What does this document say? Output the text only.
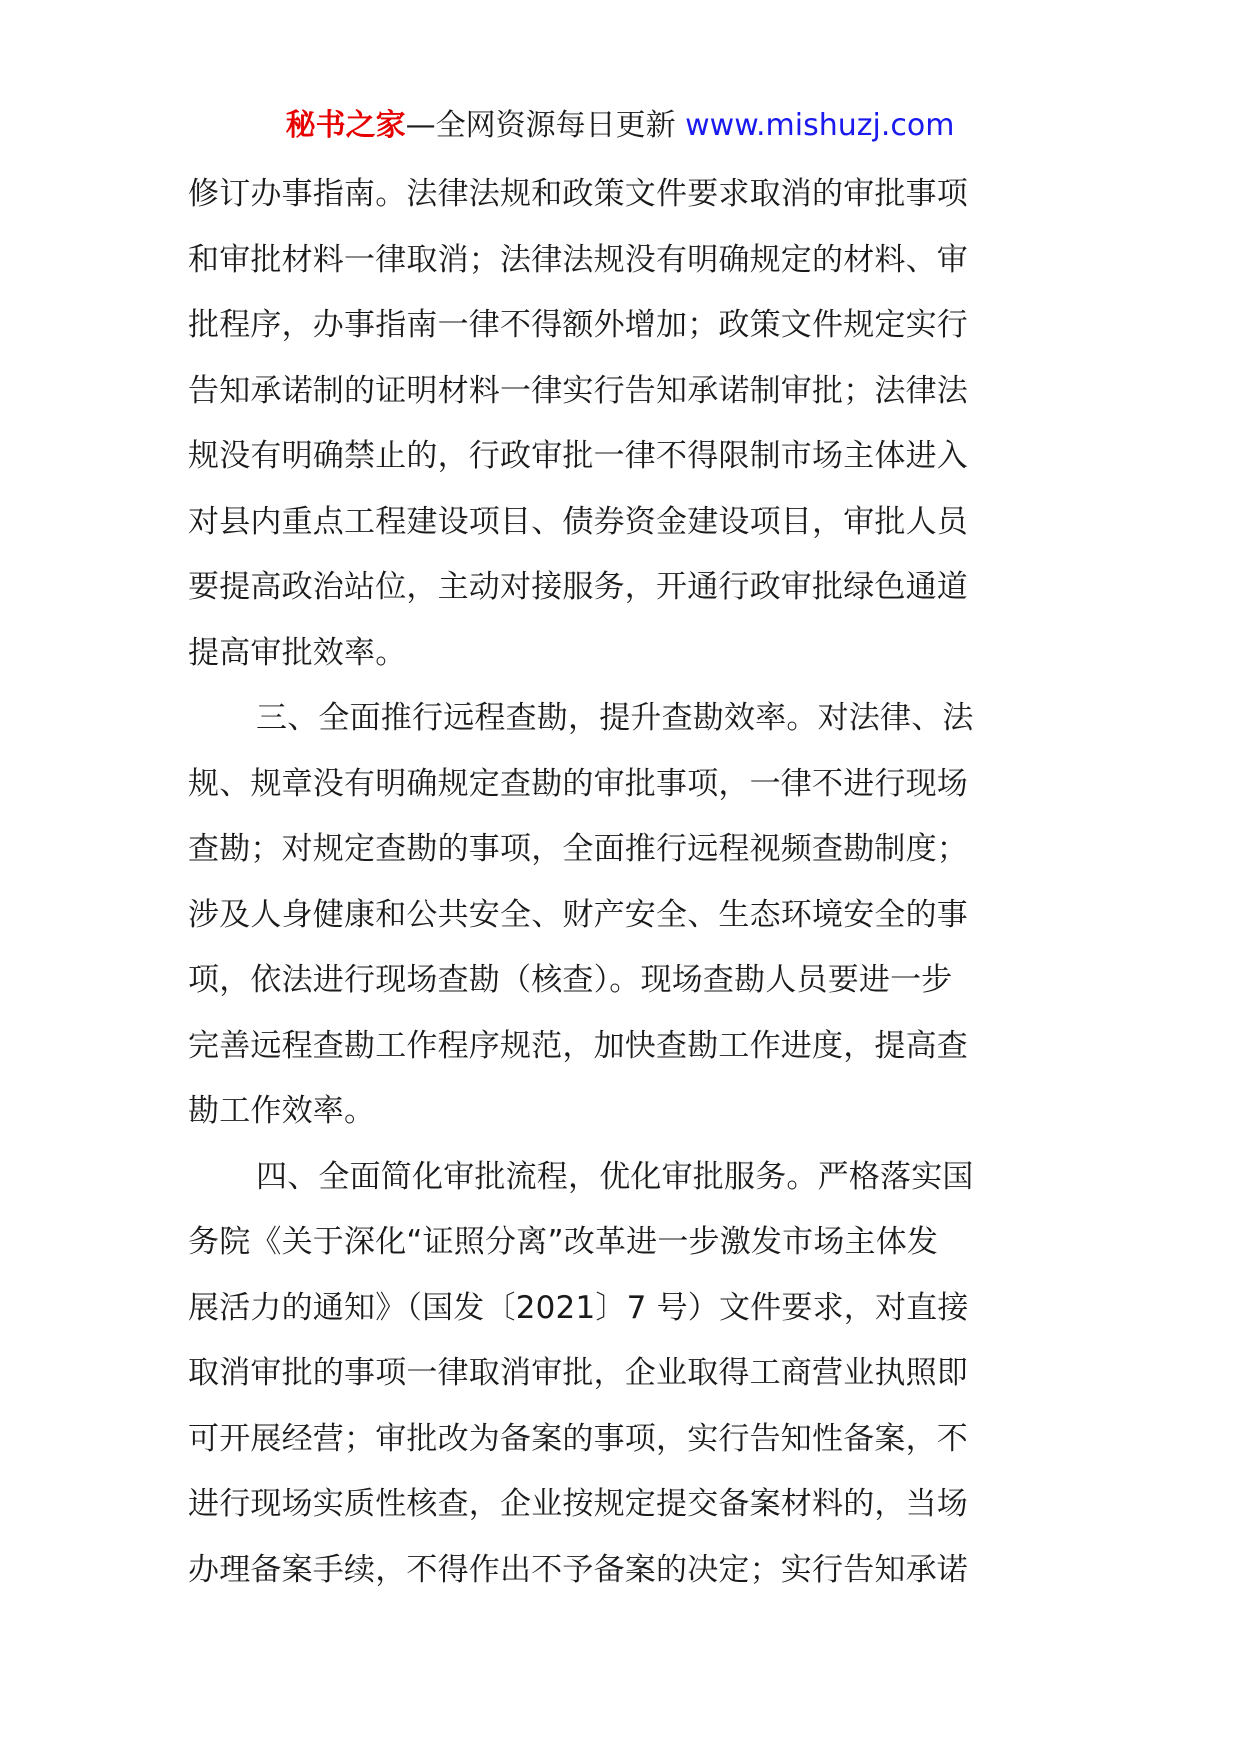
秘书之家—全网资源每日更新 www.mishuzj.com
修订办事指南。法律法规和政策文件要求取消的审批事项
和审批材料一律取消；法律法规没有明确规定的材料、审
批程序，办事指南一律不得额外增加；政策文件规定实行
告知承诺制的证明材料一律实行告知承诺制审批；法律法
规没有明确禁止的，行政审批一律不得限制市场主体进入
对县内重点工程建设项目、债券资金建设项目，审批人员
要提高政治站位，主动对接服务，开通行政审批绿色通道
提高审批效率。
三、全面推行远程查勘，提升查勘效率。对法律、法
规、规章没有明确规定查勘的审批事项，一律不进行现场
查勘；对规定查勘的事项，全面推行远程视频查勘制度；
涉及人身健康和公共安全、财产安全、生态环境安全的事
项，依法进行现场查勘（核查）。现场查勘人员要进一步
完善远程查勘工作程序规范，加快查勘工作进度，提高查
勘工作效率。
四、全面简化审批流程，优化审批服务。严格落实国
务院《关于深化“证照分离”改革进一步激发市场主体发
展活力的通知》（国发〔2021〕7 号）文件要求，对直接
取消审批的事项一律取消审批，企业取得工商营业执照即
可开展经营；审批改为备案的事项，实行告知性备案，不
进行现场实质性核查，企业按规定提交备案材料的，当场
办理备案手续，不得作出不予备案的决定；实行告知承诺
